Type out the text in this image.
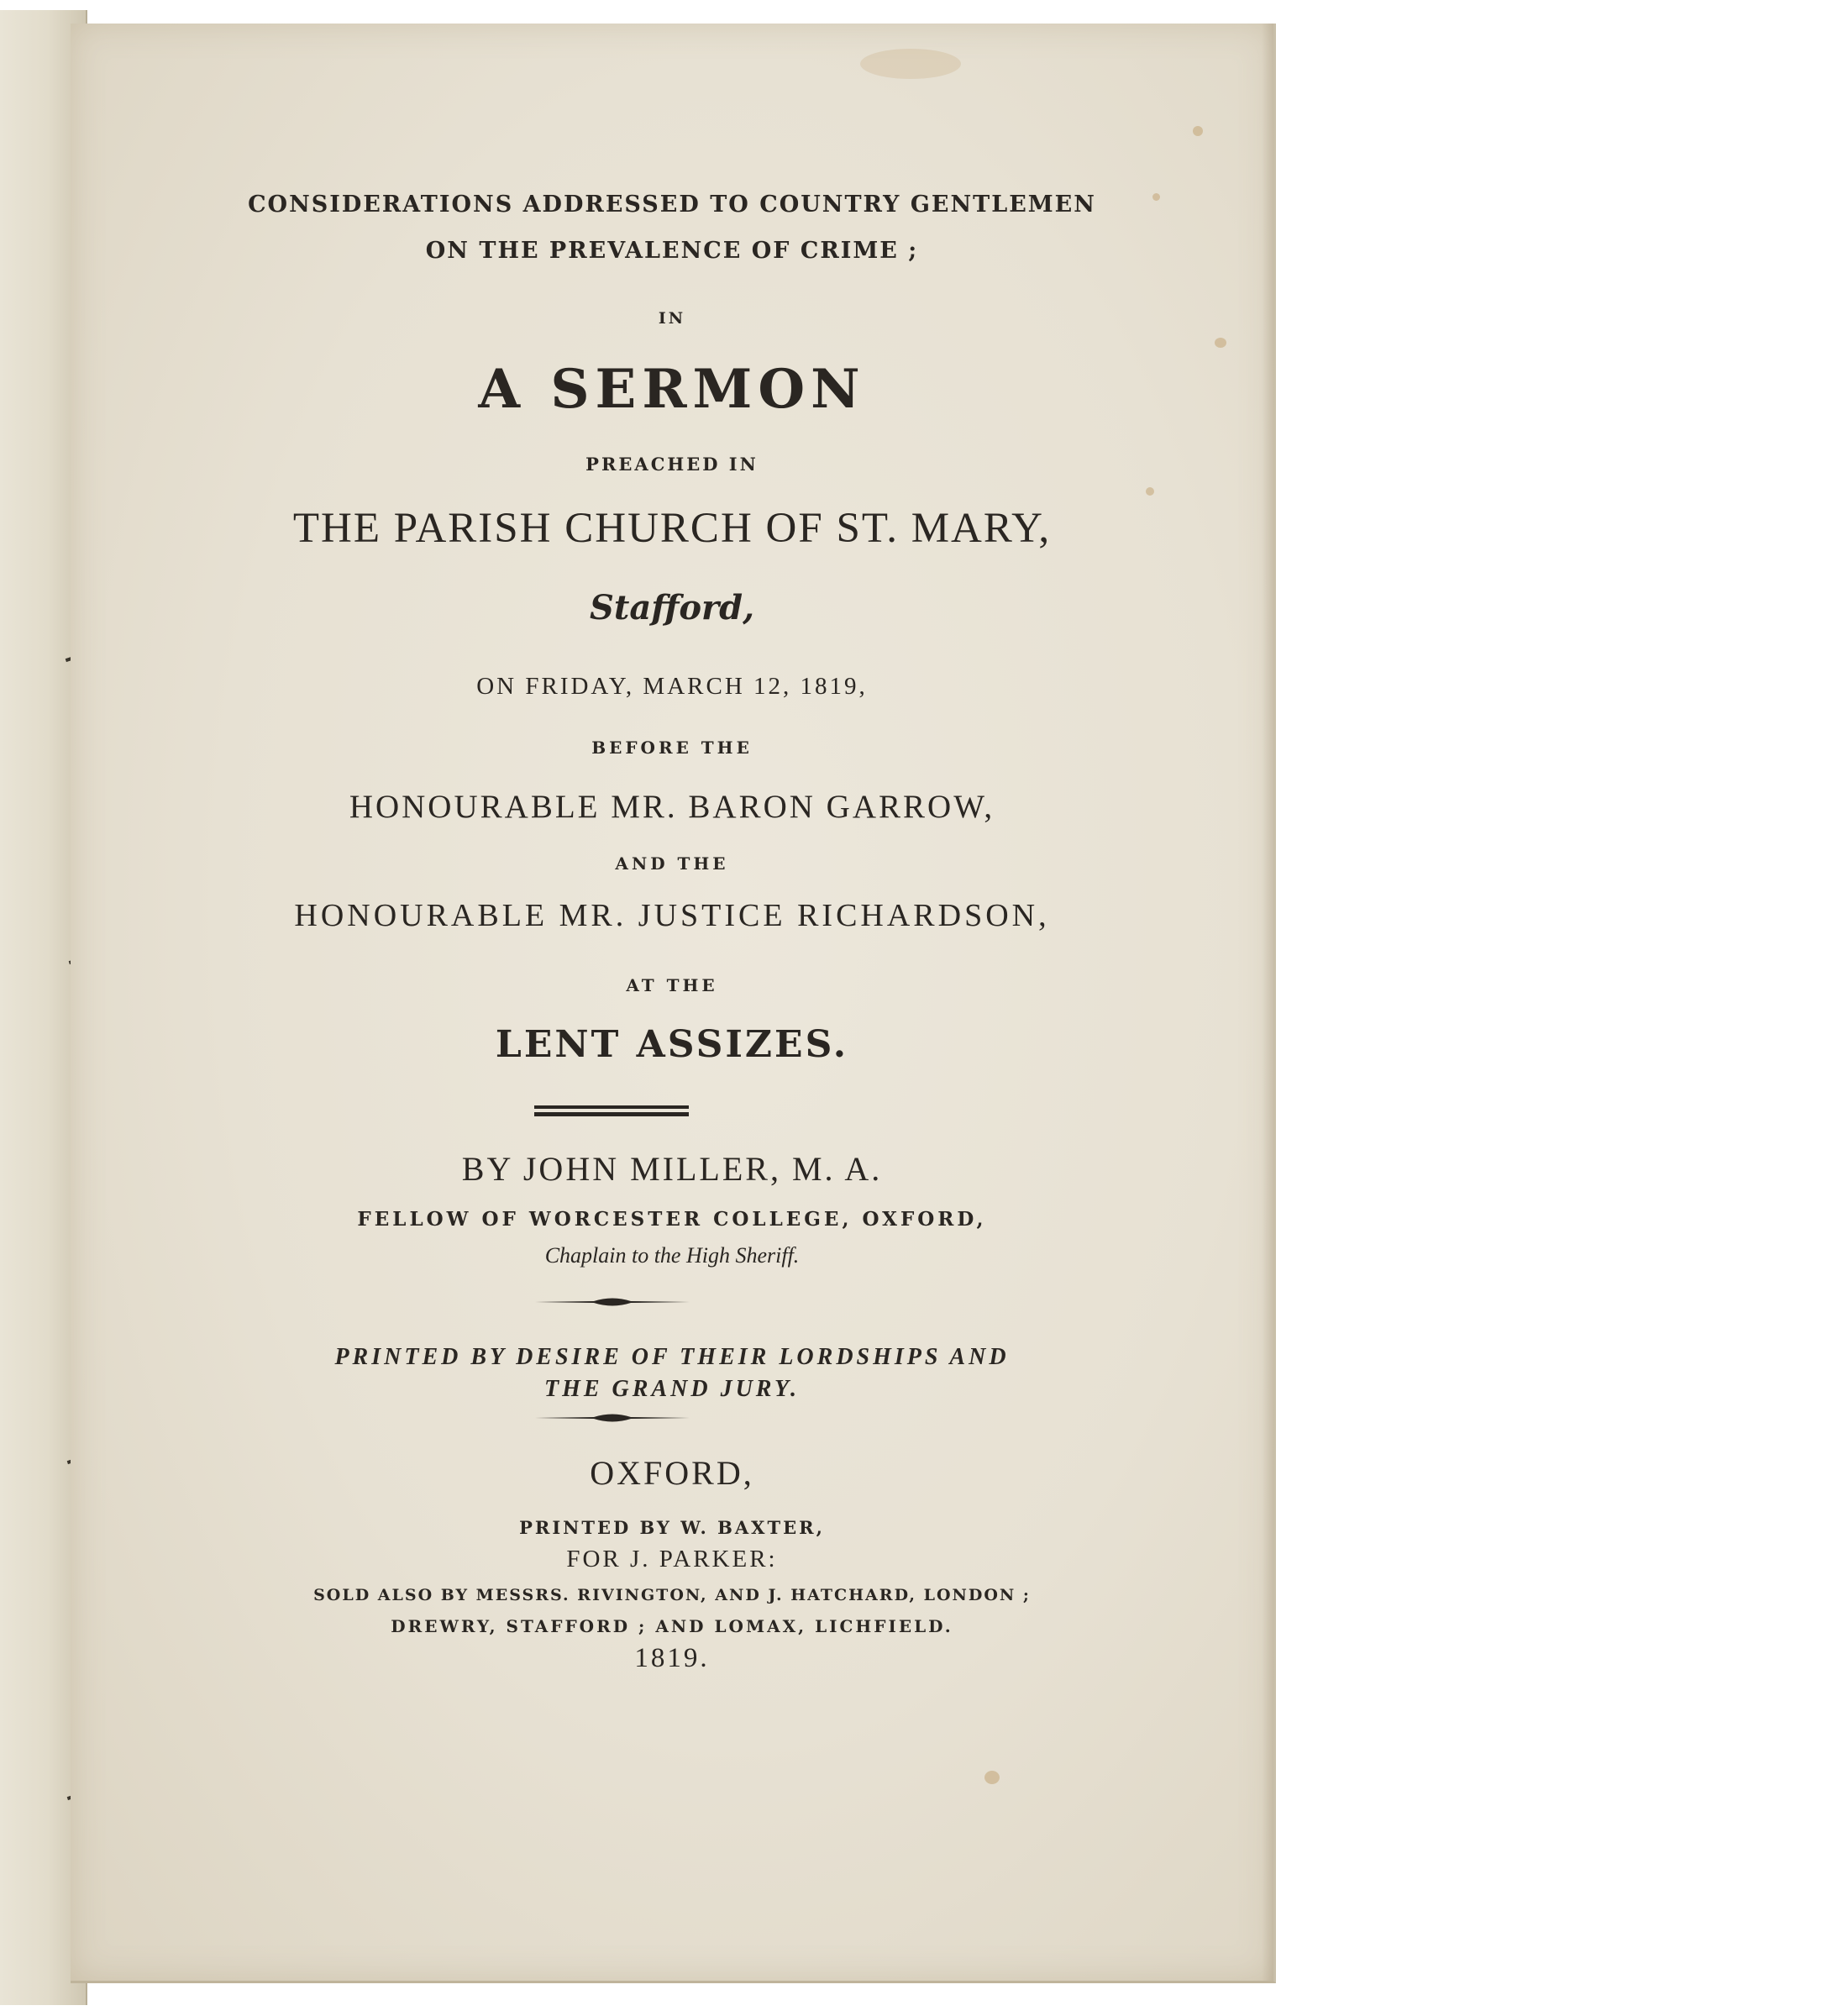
CONSIDERATIONS ADDRESSED TO COUNTRY GENTLEMEN
ON THE PREVALENCE OF CRIME ;
IN
A SERMON
PREACHED IN
THE PARISH CHURCH OF ST. MARY,
Stafford,
ON FRIDAY, MARCH 12, 1819,
BEFORE THE
HONOURABLE MR. BARON GARROW,
AND THE
HONOURABLE MR. JUSTICE RICHARDSON,
AT THE
LENT ASSIZES.
BY JOHN MILLER, M. A.
FELLOW OF WORCESTER COLLEGE, OXFORD,
Chaplain to the High Sheriff.
PRINTED BY DESIRE OF THEIR LORDSHIPS AND
THE GRAND JURY.
OXFORD,
PRINTED BY W. BAXTER,
FOR J. PARKER:
SOLD ALSO BY MESSRS. RIVINGTON, AND J. HATCHARD, LONDON ;
DREWRY, STAFFORD ; AND LOMAX, LICHFIELD.
1819.
